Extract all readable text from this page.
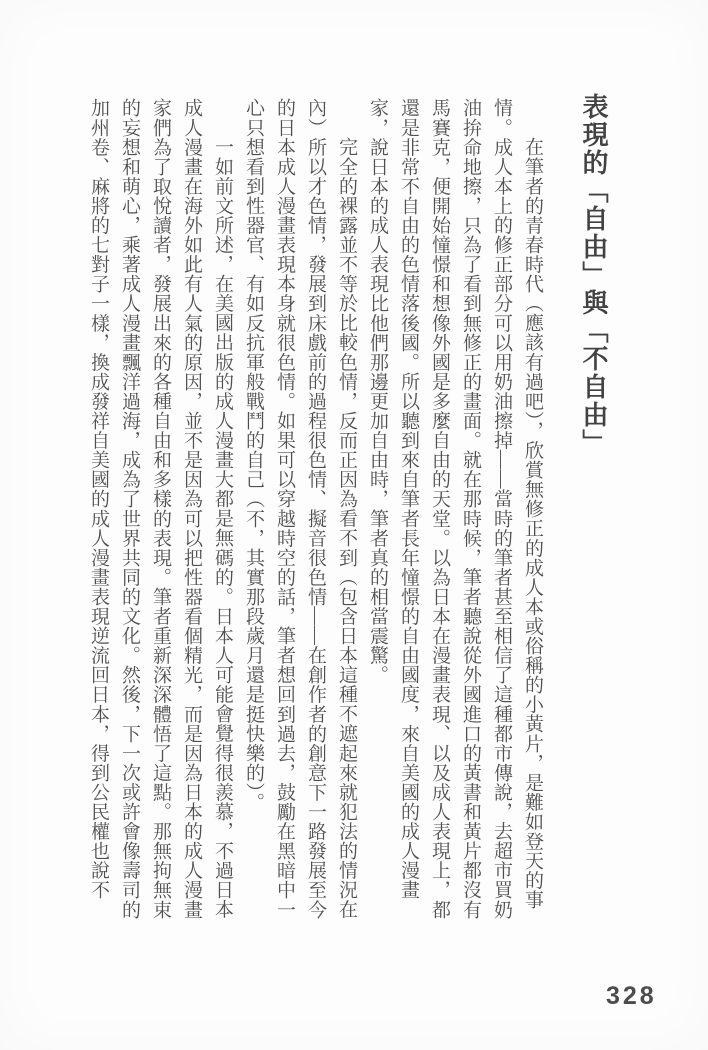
表現的「自由」與「不自由」

在筆者的青春時代（應該有過吧），欣賞無修正的成人本或俗稱的小黃片，是難如登天的事情。成人本上的修正部分可以用奶油擦掉——當時的筆者甚至相信了這種都市傳說，去超市買奶油拚命地擦，只為了看到無修正的畫面。就在那時候，筆者聽說從外國進口的黃書和黃片都沒有馬賽克，便開始憧憬和想像外國是多麼自由的天堂。以為日本在漫畫表現、以及成人表現上，都還是非常不自由的色情落後國。所以聽到來自筆者長年憧憬的自由國度，來自美國的成人漫畫家，說日本的成人表現比他們那邊更加自由時，筆者真的相當震驚。

完全的裸露並不等於比較色情，反而正因為看不到（包含日本這種不遮起來就犯法的情況在內）所以才色情，發展到床戲前的過程很色情、擬音很色情——在創作者的創意下一路發展至今的日本成人漫畫表現本身就很色情。如果可以穿越時空的話，筆者想回到過去，鼓勵在黑暗中一心只想看到性器官、有如反抗軍般戰鬥的自己（不，其實那段歲月還是挺快樂的）。

一如前文所述，在美國出版的成人漫畫大都是無碼的。日本人可能會覺得很羨慕，不過日本成人漫畫在海外如此有人氣的原因，並不是因為可以把性器看個精光，而是因為日本的成人漫畫家們為了取悅讀者，發展出來的各種自由和多樣的表現。筆者重新深深體悟了這點。那無拘無束的妄想和萌心，乘著成人漫畫飄洋過海，成為了世界共同的文化。然後，下一次或許會像壽司的加州卷、麻將的七對子一樣，換成發祥自美國的成人漫畫表現逆流回日本，得到公民權也說不

328
